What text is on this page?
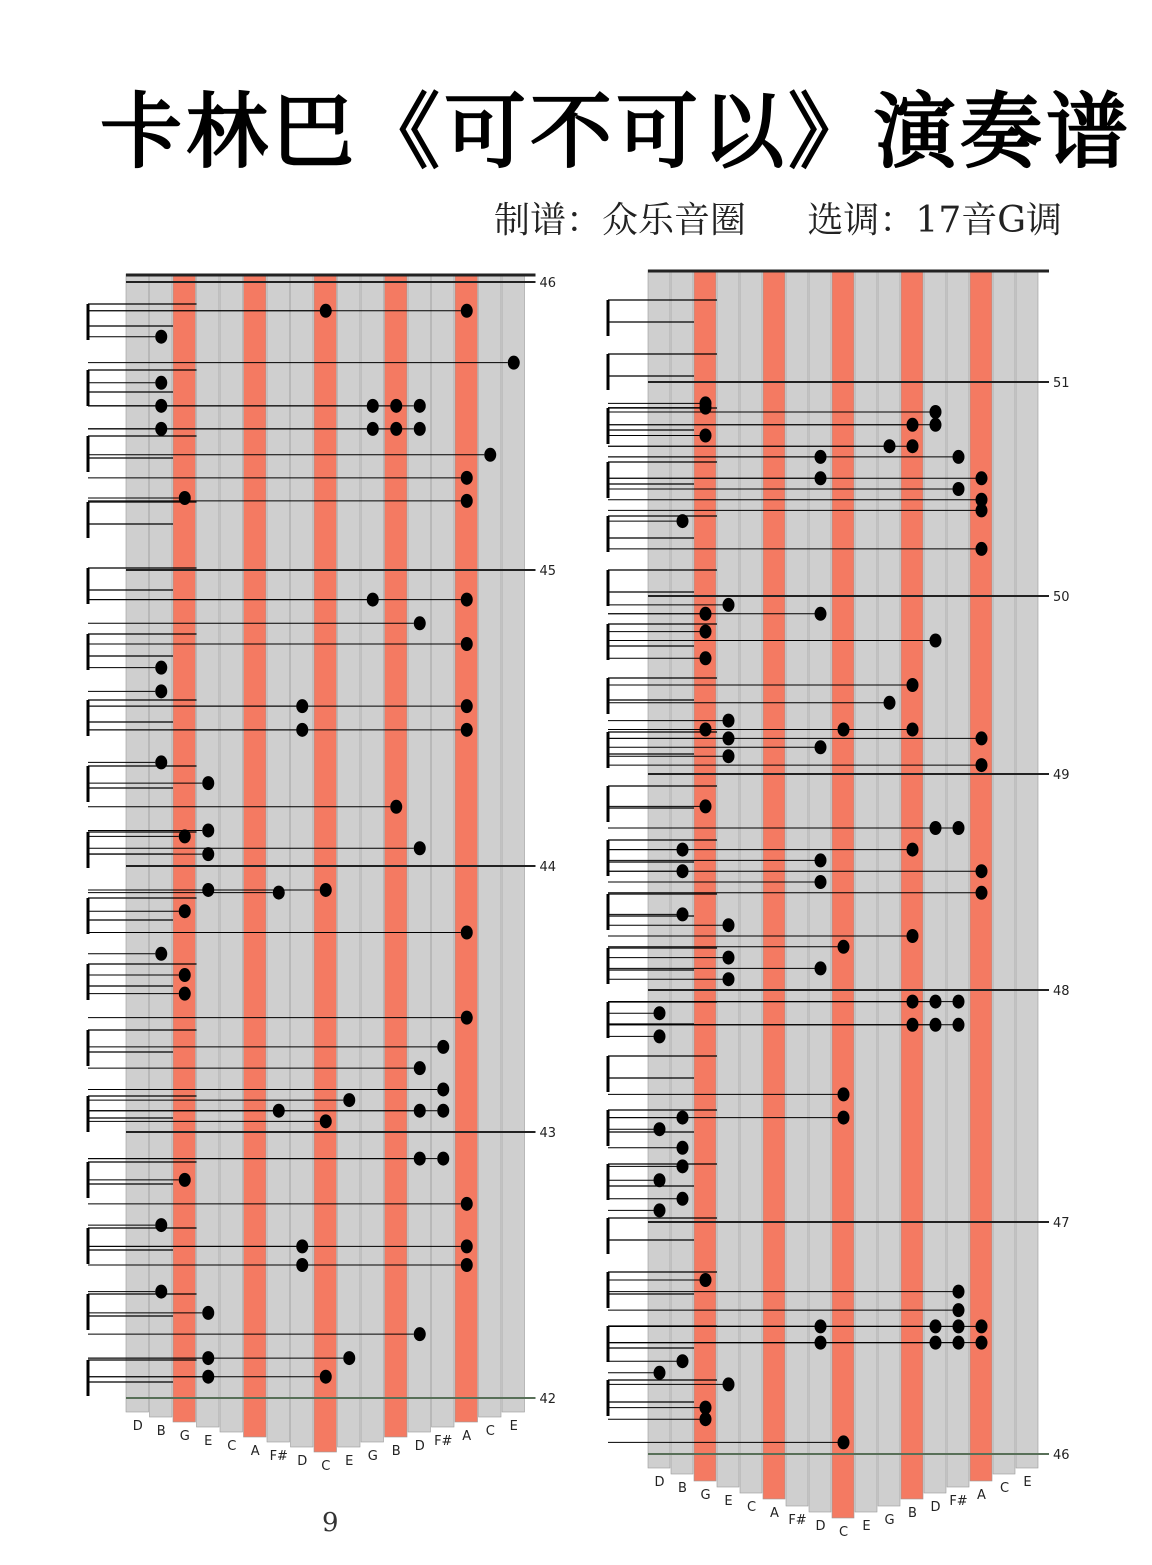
卡林巴《可不可以》演奏谱
制谱：众乐音圈 选调：17音G调
D B G E C A F# D C E G B D F# A C E
46
45
44
43
42
D B G E C A F# D C E G B D F# A C E
51
50
49
48
47
46
9
